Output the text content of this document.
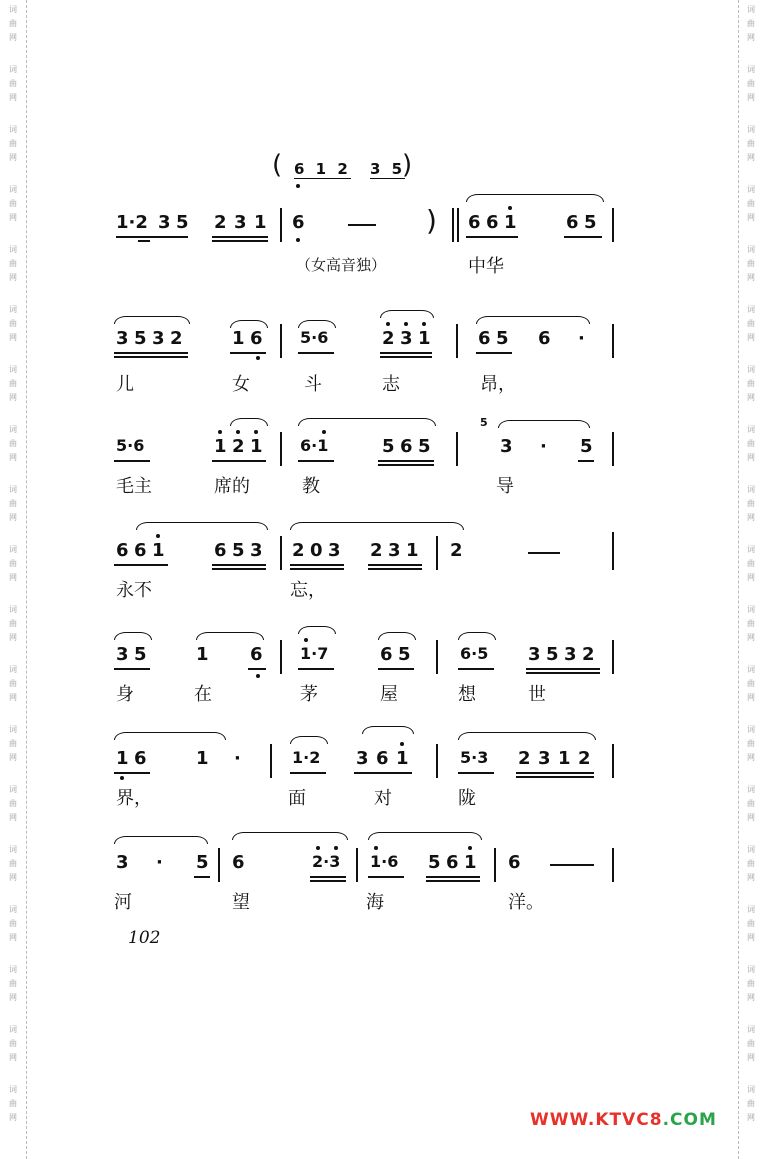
词
曲
网
词
曲
网
词
曲
网
词
曲
网
词
曲
网
词
曲
网
词
曲
网
词
曲
网
词
曲
网
词
曲
网
词
曲
网
词
曲
网
词
曲
网
词
曲
网
词
曲
网
词
曲
网
词
曲
网
词
曲
网
词
曲
网
词
曲
网
词
曲
网
词
曲
网
词
曲
网
词
曲
网
词
曲
网
词
曲
网
词
曲
网
词
曲
网
词
曲
网
词
曲
网
词
曲
网
词
曲
网
词
曲
网
词
曲
网
词
曲
网
词
曲
网
词
曲
网
词
曲
网
( 6 1 2 3 5
)
1·2 3 5 2 3 1 6	) 6 6 1	6 5
（女高音独）	中华
3 5 3 2	1 6 5·6	2 3 1	6 5 6 ·
儿	女	斗	志	昂，
5·6	1 2 1 6·1	5 6 5
5
3 · 5
毛主	席的	教	导
6 6 1	6 5 3 2 0 3 2 3 1 2
永不	忘，
3 5	1 6 1·7	6 5	6·5 3 5 3 2
身	在	茅	屋	想	世
1 6	1 ·	1·2 3 6 1	5·3 2 3 1 2
界，	面	对	陇
3 · 5 6	2·3 1·6 5 6 1 6
河	望	海	洋。
102
WWW.KTVC8.COM
